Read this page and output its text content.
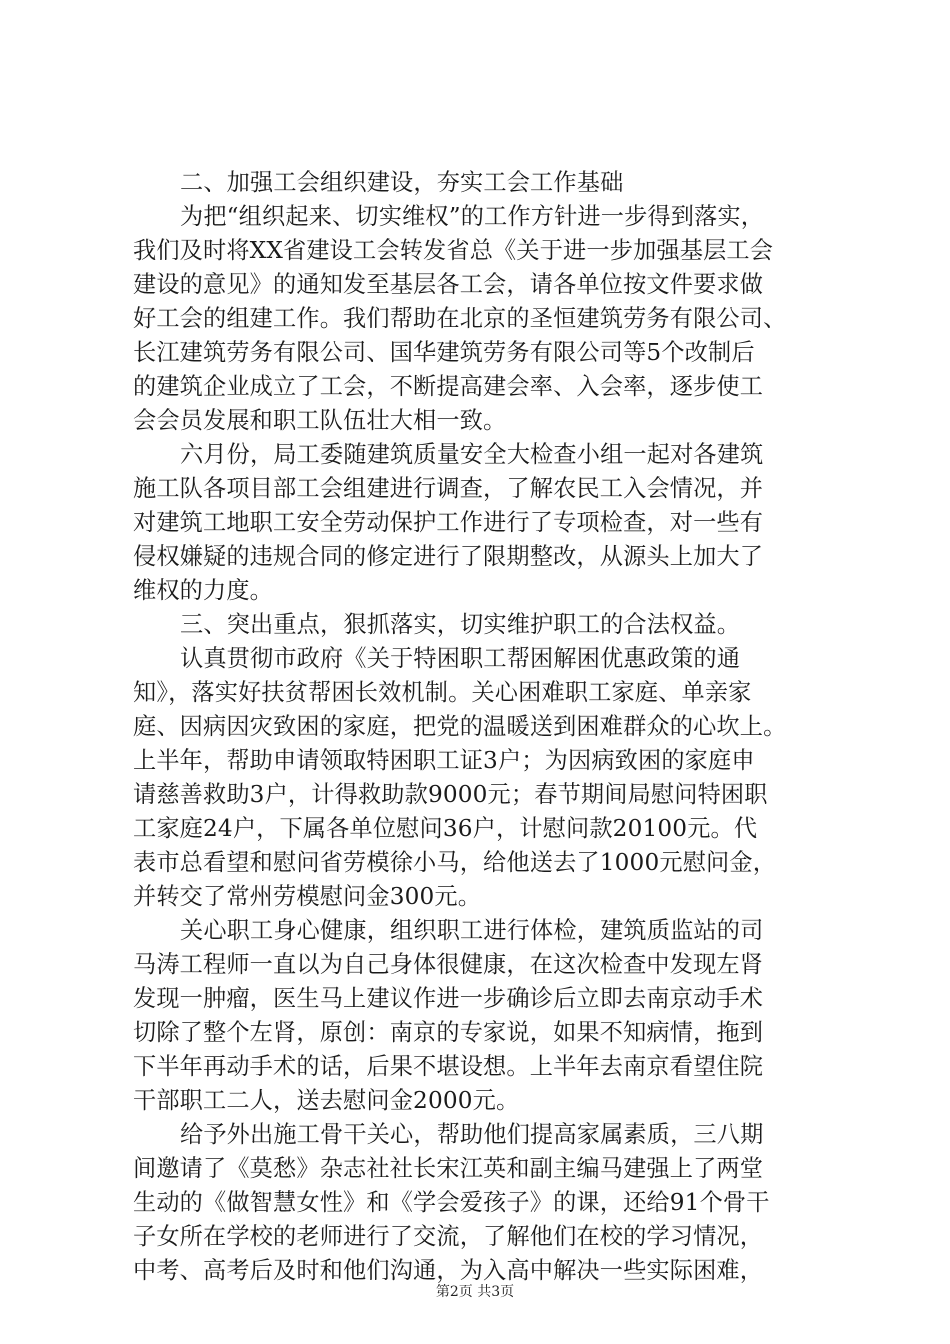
二、加强工会组织建设，夯实工会工作基础
为把“组织起来、切实维权”的工作方针进一步得到落实，
我们及时将XX省建设工会转发省总《关于进一步加强基层工会
建设的意见》的通知发至基层各工会，请各单位按文件要求做
好工会的组建工作。我们帮助在北京的圣恒建筑劳务有限公司、
长江建筑劳务有限公司、国华建筑劳务有限公司等5个改制后
的建筑企业成立了工会，不断提高建会率、入会率，逐步使工
会会员发展和职工队伍壮大相一致。
六月份，局工委随建筑质量安全大检查小组一起对各建筑
施工队各项目部工会组建进行调查，了解农民工入会情况，并
对建筑工地职工安全劳动保护工作进行了专项检查，对一些有
侵权嫌疑的违规合同的修定进行了限期整改，从源头上加大了
维权的力度。
三、突出重点，狠抓落实，切实维护职工的合法权益。
认真贯彻市政府《关于特困职工帮困解困优惠政策的通
知》，落实好扶贫帮困长效机制。关心困难职工家庭、单亲家
庭、因病因灾致困的家庭，把党的温暖送到困难群众的心坎上。
上半年，帮助申请领取特困职工证3户；为因病致困的家庭申
请慈善救助3户，计得救助款9000元；春节期间局慰问特困职
工家庭24户，下属各单位慰问36户，计慰问款20100元。代
表市总看望和慰问省劳模徐小马，给他送去了1000元慰问金，
并转交了常州劳模慰问金300元。
关心职工身心健康，组织职工进行体检，建筑质监站的司
马涛工程师一直以为自己身体很健康，在这次检查中发现左肾
发现一肿瘤，医生马上建议作进一步确诊后立即去南京动手术
切除了整个左肾，原创：南京的专家说，如果不知病情，拖到
下半年再动手术的话，后果不堪设想。上半年去南京看望住院
干部职工二人，送去慰问金2000元。
给予外出施工骨干关心，帮助他们提高家属素质，三八期
间邀请了《莫愁》杂志社社长宋江英和副主编马建强上了两堂
生动的《做智慧女性》和《学会爱孩子》的课，还给91个骨干
子女所在学校的老师进行了交流，了解他们在校的学习情况，
中考、高考后及时和他们沟通，为入高中解决一些实际困难，
第2页 共3页
